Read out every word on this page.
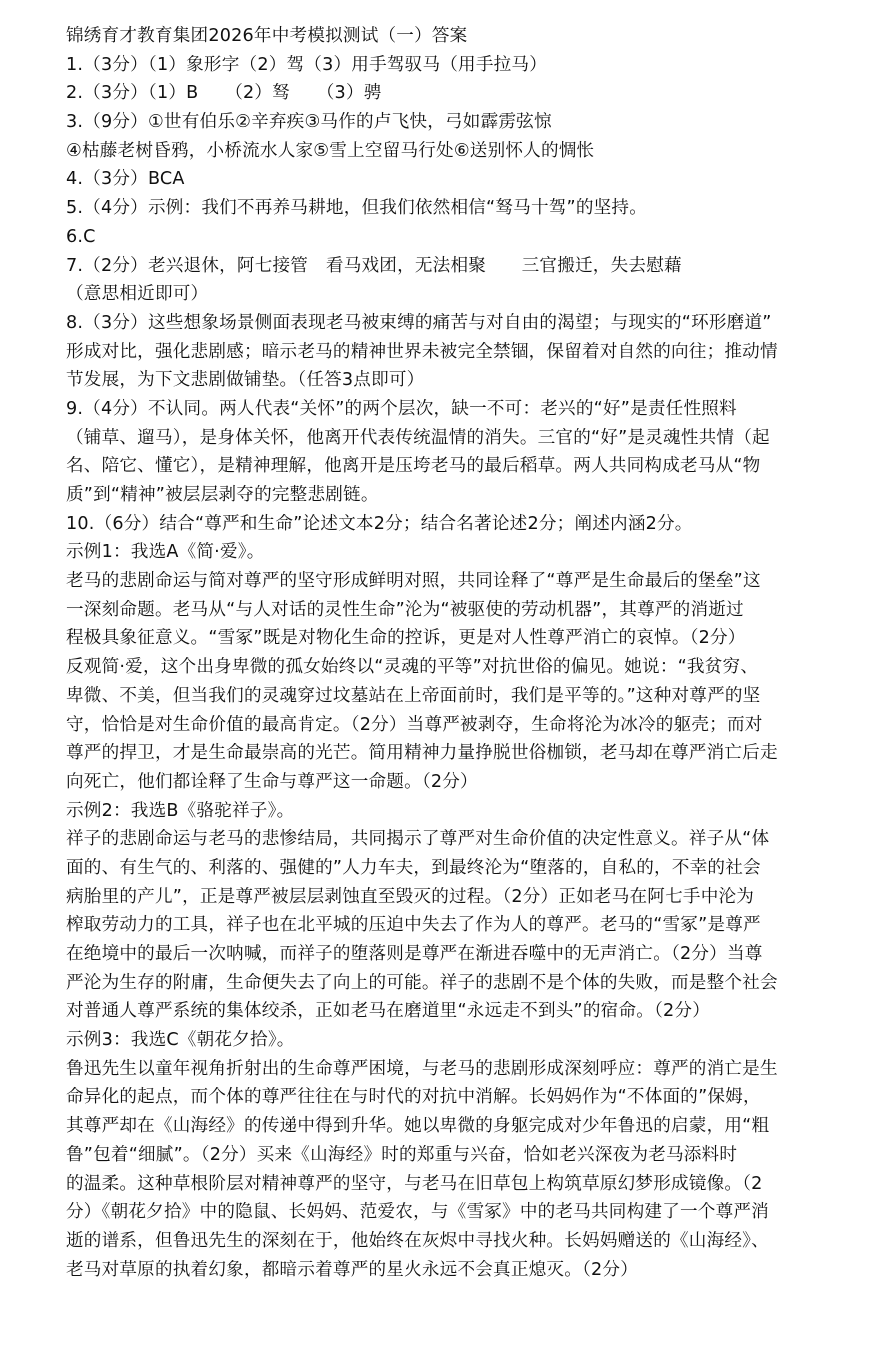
锦绣育才教育集团2026年中考模拟测试（一）答案
1.（3分）（1）象形字（2）驾（3）用手驾驭马（用手拉马）
2.（3分）（1）B　　（2）驽　　（3）骋
3.（9分）①世有伯乐②辛弃疾③马作的卢飞快，弓如霹雳弦惊
④枯藤老树昏鸦，小桥流水人家⑤雪上空留马行处⑥送别怀人的惆怅
4.（3分）BCA
5.（4分）示例：我们不再养马耕地，但我们依然相信“驽马十驾”的坚持。
6.C
7.（2分）老兴退休，阿七接管　看马戏团，无法相聚　　三官搬迁，失去慰藉
（意思相近即可）
8.（3分）这些想象场景侧面表现老马被束缚的痛苦与对自由的渴望；与现实的“环形磨道”
形成对比，强化悲剧感；暗示老马的精神世界未被完全禁锢，保留着对自然的向往；推动情
节发展，为下文悲剧做铺垫。（任答3点即可）
9.（4分）不认同。两人代表“关怀”的两个层次，缺一不可：老兴的“好”是责任性照料
（铺草、遛马），是身体关怀，他离开代表传统温情的消失。三官的“好”是灵魂性共情（起
名、陪它、懂它），是精神理解，他离开是压垮老马的最后稻草。两人共同构成老马从“物
质”到“精神”被层层剥夺的完整悲剧链。
10.（6分）结合“尊严和生命”论述文本2分；结合名著论述2分；阐述内涵2分。
示例1：我选A《简·爱》。
老马的悲剧命运与简对尊严的坚守形成鲜明对照，共同诠释了“尊严是生命最后的堡垒”这
一深刻命题。老马从“与人对话的灵性生命”沦为“被驱使的劳动机器”，其尊严的消逝过
程极具象征意义。“雪冢”既是对物化生命的控诉，更是对人性尊严消亡的哀悼。（2分）
反观简·爱，这个出身卑微的孤女始终以“灵魂的平等”对抗世俗的偏见。她说：“我贫穷、
卑微、不美，但当我们的灵魂穿过坟墓站在上帝面前时，我们是平等的。”这种对尊严的坚
守，恰恰是对生命价值的最高肯定。（2分）当尊严被剥夺，生命将沦为冰冷的躯壳；而对
尊严的捍卫，才是生命最崇高的光芒。简用精神力量挣脱世俗枷锁，老马却在尊严消亡后走
向死亡，他们都诠释了生命与尊严这一命题。（2分）
示例2：我选B《骆驼祥子》。
祥子的悲剧命运与老马的悲惨结局，共同揭示了尊严对生命价值的决定性意义。祥子从“体
面的、有生气的、利落的、强健的”人力车夫，到最终沦为“堕落的，自私的，不幸的社会
病胎里的产儿”，正是尊严被层层剥蚀直至毁灭的过程。（2分）正如老马在阿七手中沦为
榨取劳动力的工具，祥子也在北平城的压迫中失去了作为人的尊严。老马的“雪冢”是尊严
在绝境中的最后一次呐喊，而祥子的堕落则是尊严在渐进吞噬中的无声消亡。（2分）当尊
严沦为生存的附庸，生命便失去了向上的可能。祥子的悲剧不是个体的失败，而是整个社会
对普通人尊严系统的集体绞杀，正如老马在磨道里“永远走不到头”的宿命。（2分）
示例3：我选C《朝花夕拾》。
鲁迅先生以童年视角折射出的生命尊严困境，与老马的悲剧形成深刻呼应：尊严的消亡是生
命异化的起点，而个体的尊严往往在与时代的对抗中消解。长妈妈作为“不体面的”保姆，
其尊严却在《山海经》的传递中得到升华。她以卑微的身躯完成对少年鲁迅的启蒙，用“粗
鲁”包着“细腻”。（2分）买来《山海经》时的郑重与兴奋，恰如老兴深夜为老马添料时
的温柔。这种草根阶层对精神尊严的坚守，与老马在旧草包上构筑草原幻梦形成镜像。（2
分）《朝花夕拾》中的隐鼠、长妈妈、范爱农，与《雪冢》中的老马共同构建了一个尊严消
逝的谱系，但鲁迅先生的深刻在于，他始终在灰烬中寻找火种。长妈妈赠送的《山海经》、
老马对草原的执着幻象，都暗示着尊严的星火永远不会真正熄灭。（2分）
